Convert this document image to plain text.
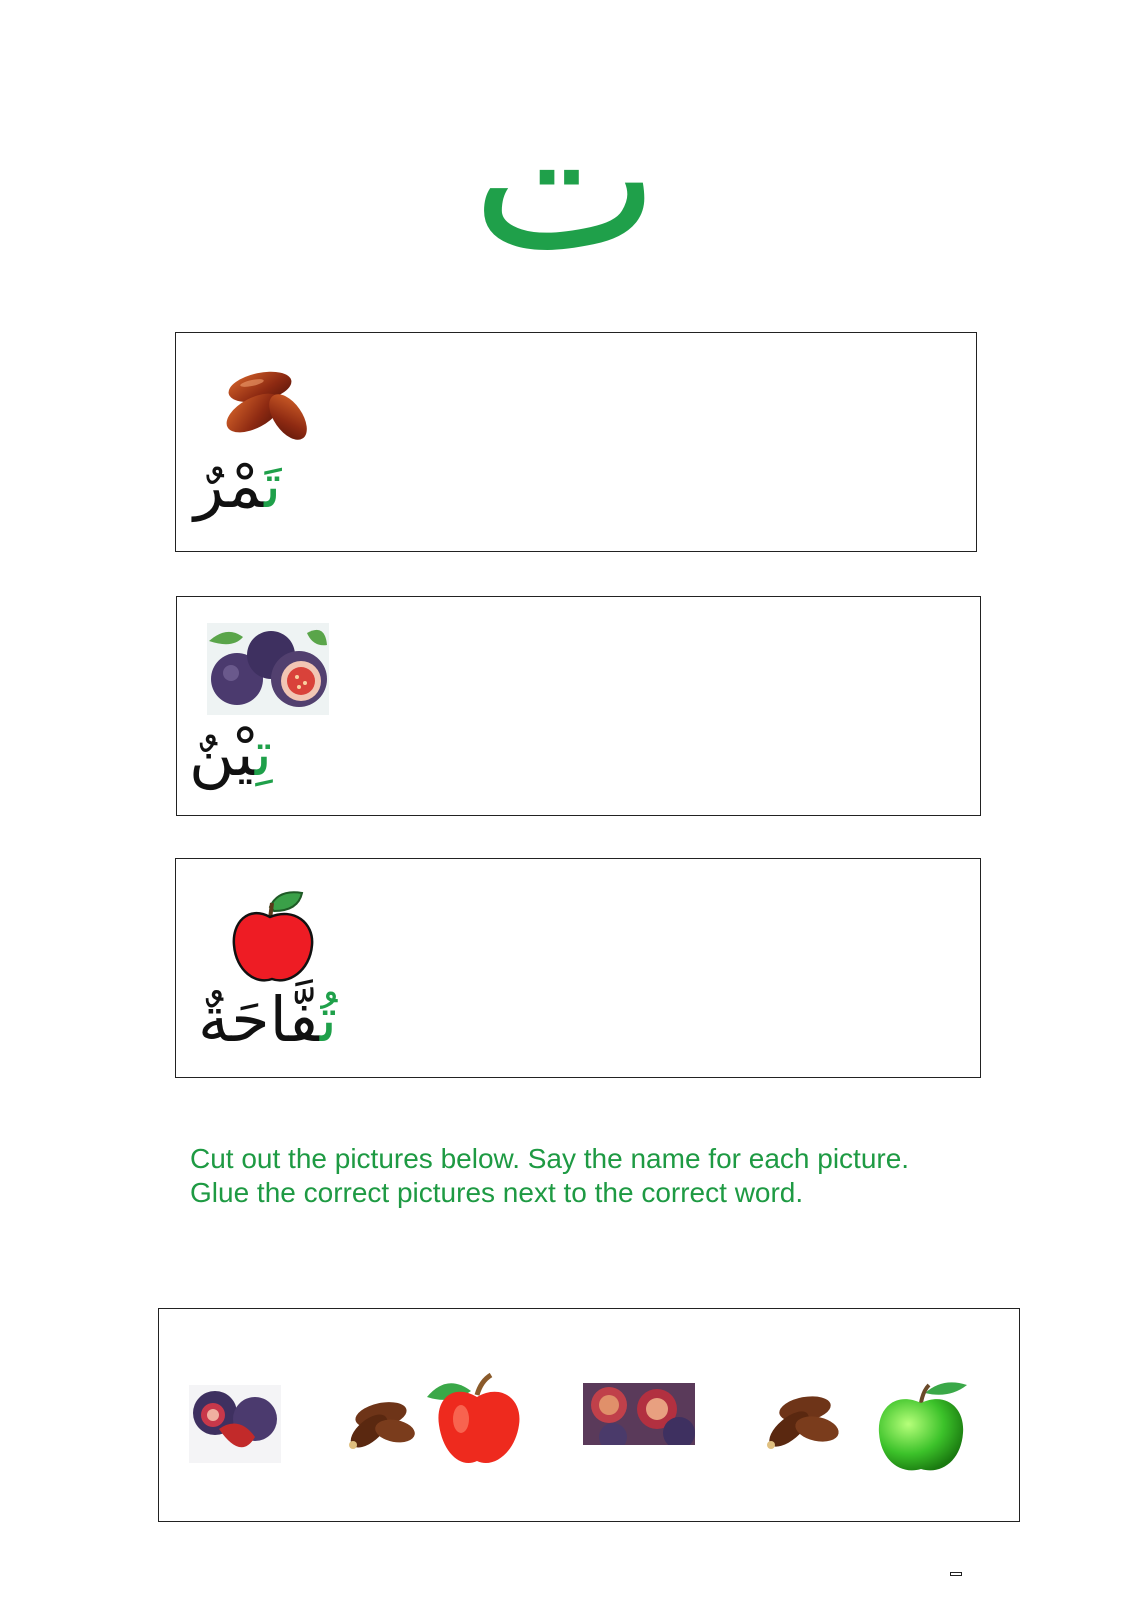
ت
تَمْرٌ
تِيْنٌ
تُفَّاحَةٌ
Cut out the pictures below. Say the name for each picture.
Glue the correct pictures next to the correct word.
